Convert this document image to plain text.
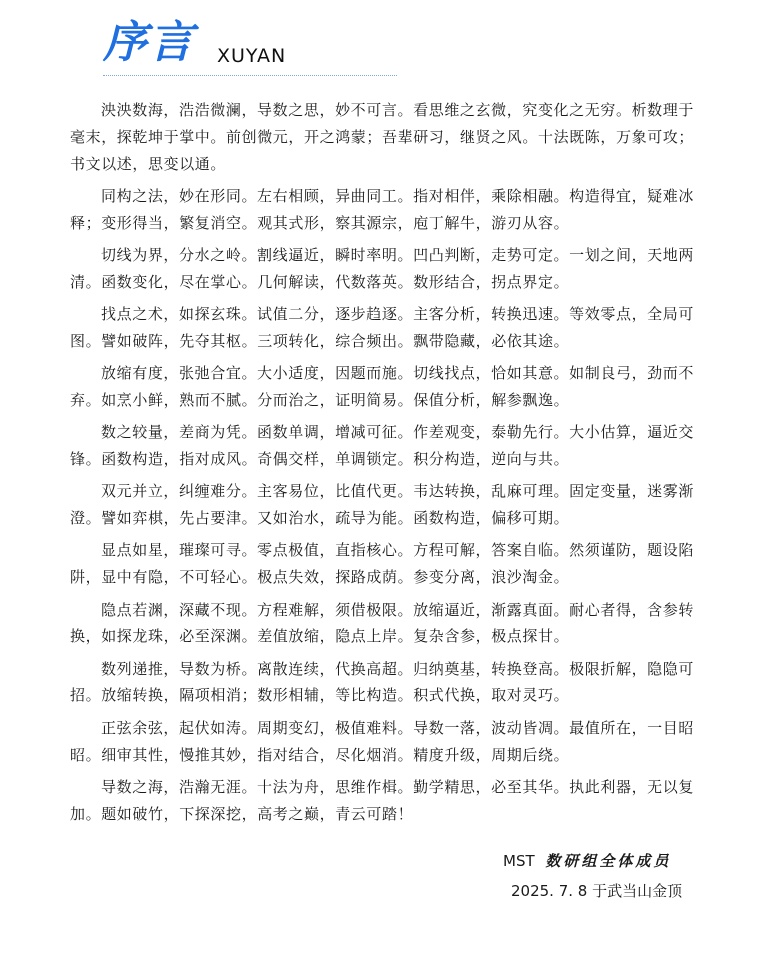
序言 XUYAN

泱泱数海，浩浩微澜，导数之思，妙不可言。看思维之玄微，究变化之无穷。析数理于毫末，探乾坤于掌中。前创微元，开之鸿蒙；吾辈研习，继贤之风。十法既陈，万象可攻；书文以述，思变以通。

同构之法，妙在形同。左右相顾，异曲同工。指对相伴，乘除相融。构造得宜，疑难冰释；变形得当，繁复消空。观其式形，察其源宗，庖丁解牛，游刃从容。

切线为界，分水之岭。割线逼近，瞬时率明。凹凸判断，走势可定。一划之间，天地两清。函数变化，尽在掌心。几何解读，代数落英。数形结合，拐点界定。

找点之术，如探玄珠。试值二分，逐步趋逐。主客分析，转换迅速。等效零点，全局可图。譬如破阵，先夺其枢。三项转化，综合频出。飘带隐藏，必依其途。

放缩有度，张弛合宜。大小适度，因题而施。切线找点，恰如其意。如制良弓，劲而不弃。如烹小鲜，熟而不腻。分而治之，证明简易。保值分析，解参飘逸。

数之较量，差商为凭。函数单调，增减可征。作差观变，泰勒先行。大小估算，逼近交锋。函数构造，指对成风。奇偶交样，单调锁定。积分构造，逆向与共。

双元并立，纠缠难分。主客易位，比值代更。韦达转换，乱麻可理。固定变量，迷雾渐澄。譬如弈棋，先占要津。又如治水，疏导为能。函数构造，偏移可期。

显点如星，璀璨可寻。零点极值，直指核心。方程可解，答案自临。然须谨防，题设陷阱，显中有隐，不可轻心。极点失效，探路成荫。参变分离，浪沙淘金。

隐点若渊，深藏不现。方程难解，须借极限。放缩逼近，渐露真面。耐心者得，含参转换，如探龙珠，必至深渊。差值放缩，隐点上岸。复杂含参，极点探甘。

数列递推，导数为桥。离散连续，代换高超。归纳奠基，转换登高。极限折解，隐隐可招。放缩转换，隔项相消；数形相辅，等比构造。积式代换，取对灵巧。

正弦余弦，起伏如涛。周期变幻，极值难料。导数一落，波动皆凋。最值所在，一目昭昭。细审其性，慢推其妙，指对结合，尽化烟消。精度升级，周期后绕。

导数之海，浩瀚无涯。十法为舟，思维作楫。勤学精思，必至其华。执此利器，无以复加。题如破竹，下探深挖，高考之巅，青云可踏！

MST 数研组全体成员
2025. 7. 8 于武当山金顶
